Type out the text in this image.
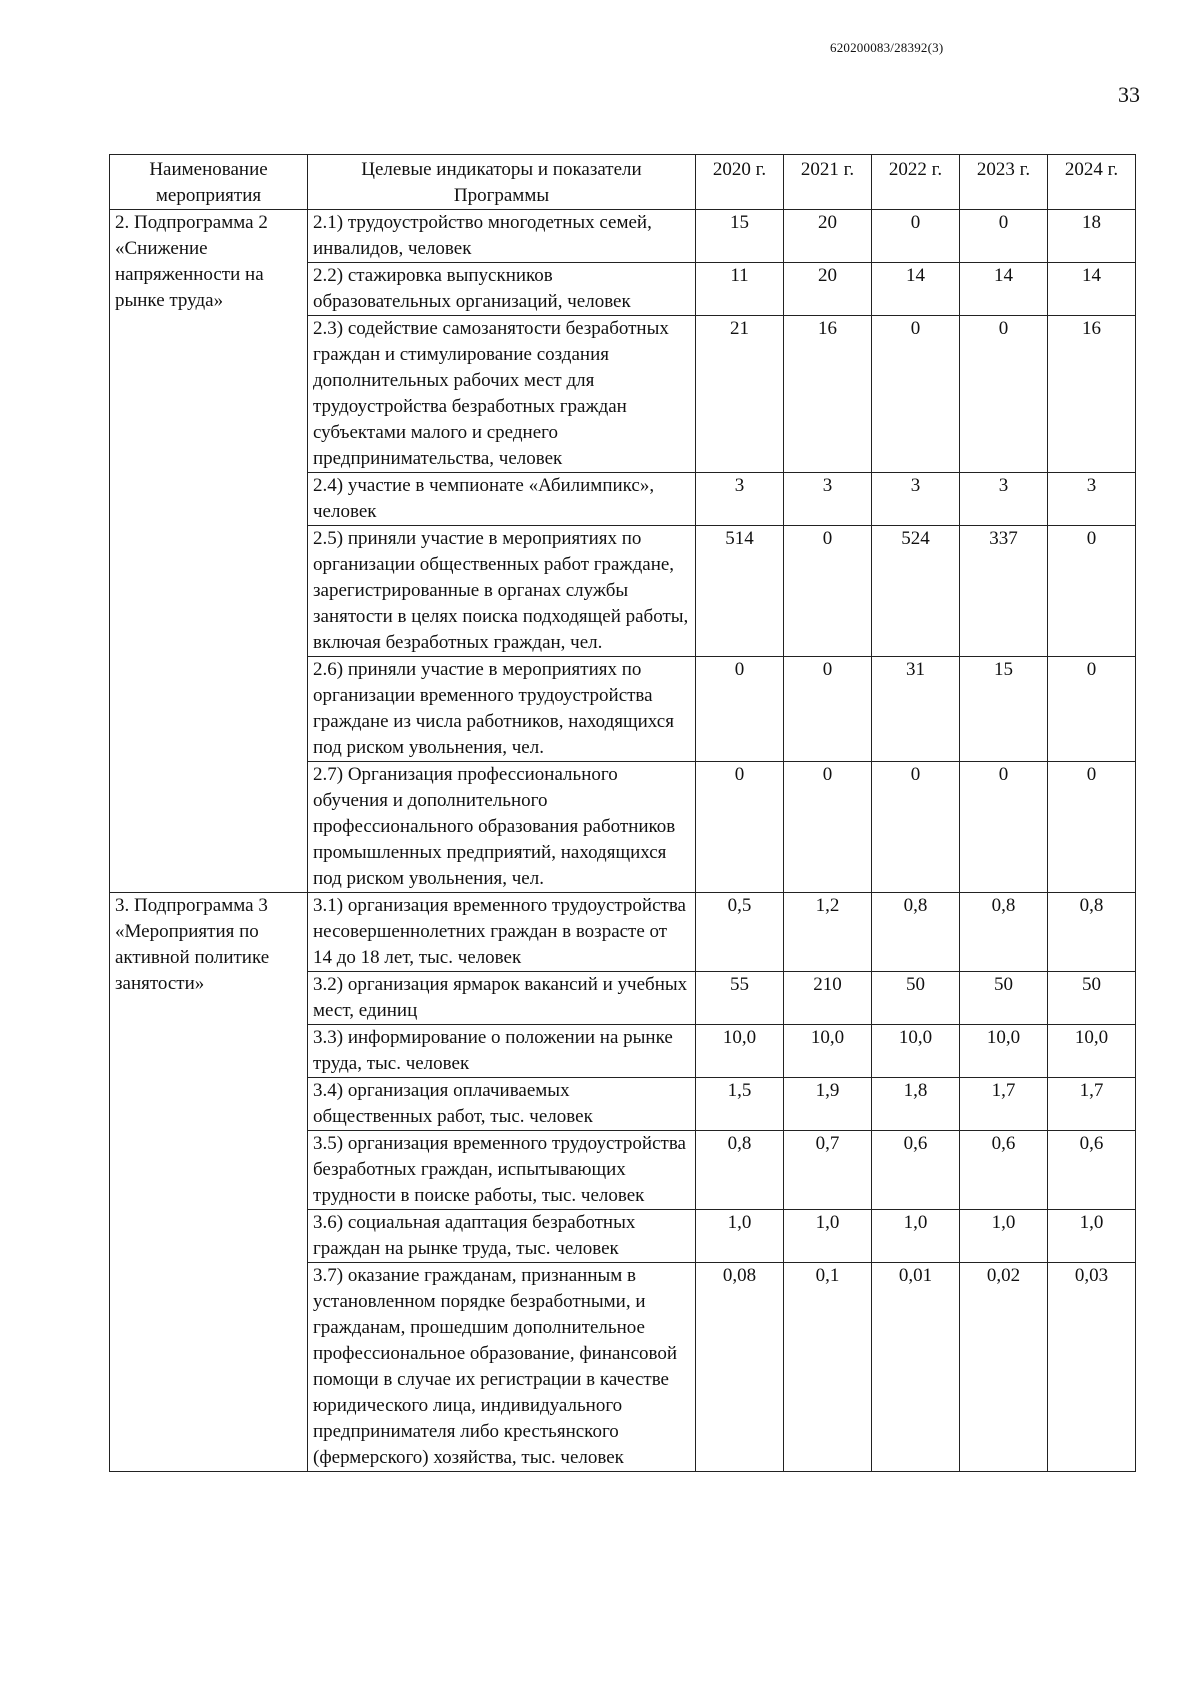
620200083/28392(3)
33
Наименование мероприятия	Целевые индикаторы и показатели Программы	2020 г.	2021 г.	2022 г.	2023 г.	2024 г.
2. Подпрограмма 2 «Снижение напряженности на рынке труда»	2.1) трудоустройство многодетных семей, инвалидов, человек	15	20	0	0	18
	2.2) стажировка выпускников образовательных организаций, человек	11	20	14	14	14
	2.3) содействие самозанятости безработных граждан и стимулирование создания дополнительных рабочих мест для трудоустройства безработных граждан субъектами малого и среднего предпринимательства, человек	21	16	0	0	16
	2.4) участие в чемпионате «Абилимпикс», человек	3	3	3	3	3
	2.5) приняли участие в мероприятиях по организации общественных работ граждане, зарегистрированные в органах службы занятости в целях поиска подходящей работы, включая безработных граждан, чел.	514	0	524	337	0
	2.6) приняли участие в мероприятиях по организации временного трудоустройства граждане из числа работников, находящихся под риском увольнения, чел.	0	0	31	15	0
	2.7) Организация профессионального обучения и дополнительного профессионального образования работников промышленных предприятий, находящихся под риском увольнения, чел.	0	0	0	0	0
3. Подпрограмма 3 «Мероприятия по активной политике занятости»	3.1) организация временного трудоустройства несовершеннолетних граждан в возрасте от 14 до 18 лет, тыс. человек	0,5	1,2	0,8	0,8	0,8
	3.2) организация ярмарок вакансий и учебных мест, единиц	55	210	50	50	50
	3.3) информирование о положении на рынке труда, тыс. человек	10,0	10,0	10,0	10,0	10,0
	3.4) организация оплачиваемых общественных работ, тыс. человек	1,5	1,9	1,8	1,7	1,7
	3.5) организация временного трудоустройства безработных граждан, испытывающих трудности в поиске работы, тыс. человек	0,8	0,7	0,6	0,6	0,6
	3.6) социальная адаптация безработных граждан на рынке труда, тыс. человек	1,0	1,0	1,0	1,0	1,0
	3.7) оказание гражданам, признанным в установленном порядке безработными, и гражданам, прошедшим дополнительное профессиональное образование, финансовой помощи в случае их регистрации в качестве юридического лица, индивидуального предпринимателя либо крестьянского (фермерского) хозяйства, тыс. человек	0,08	0,1	0,01	0,02	0,03
